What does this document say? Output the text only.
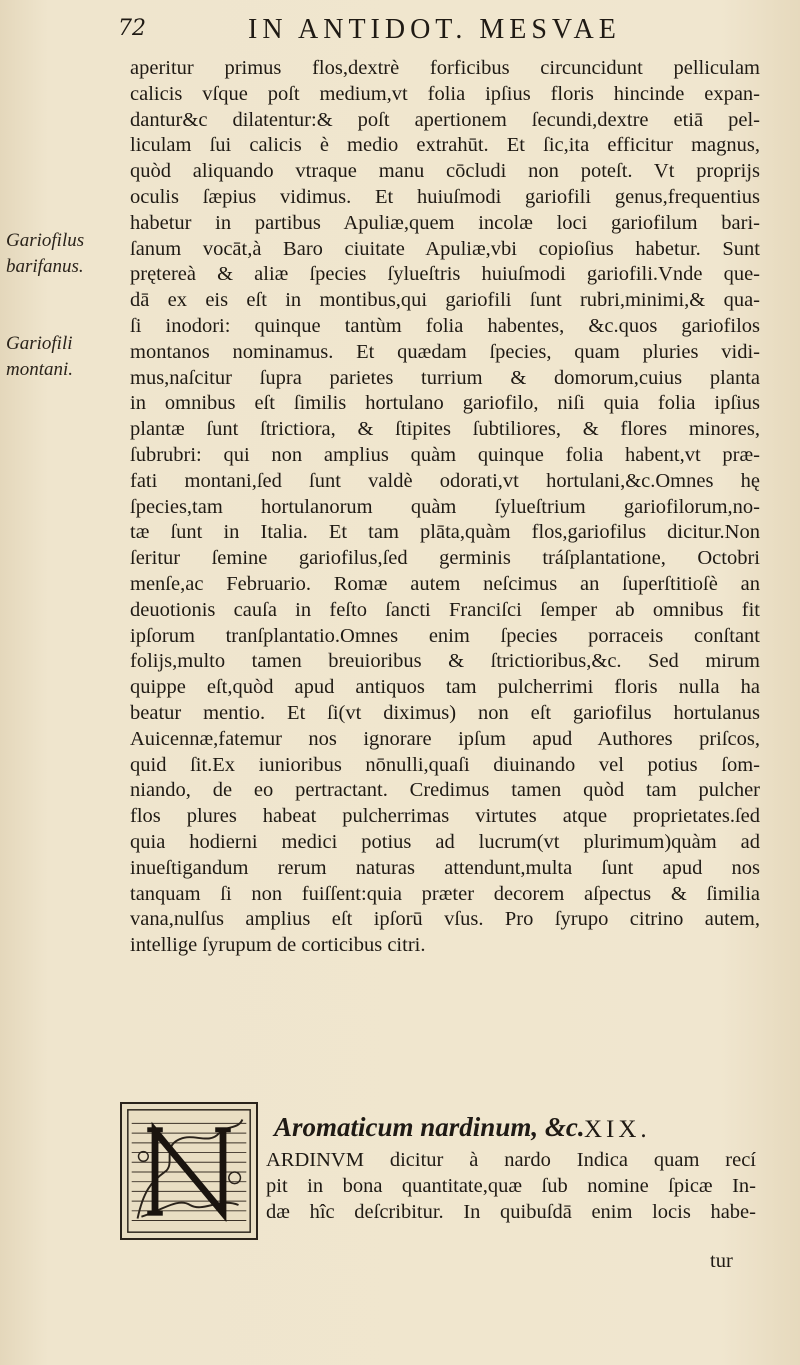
72	IN ANTIDOT. MESVAE
Gariofilus barifanus.
Gariofili montani.
aperitur primus flos,dextrè forficibus circuncidunt pelliculam
calicis vſque poſt medium,vt folia ipſius floris hincinde expan-
dantur&c dilatentur:& poſt apertionem ſecundi,dextre etiā pel-
liculam ſui calicis è medio extrahūt. Et ſic,ita efficitur magnus,
quòd aliquando vtraque manu cōcludi non poteſt. Vt proprijs
oculis ſæpius vidimus. Et huiuſmodi gariofili genus,frequentius
habetur in partibus Apuliæ,quem incolæ loci gariofilum bari-
ſanum vocāt,à Baro ciuitate Apuliæ,vbi copioſius habetur. Sunt
prętereà & aliæ ſpecies ſylueſtris huiuſmodi gariofili.Vnde que-
dā ex eis eſt in montibus,qui gariofili ſunt rubri,minimi,& qua-
ſi inodori: quinque tantùm folia habentes, &c.quos gariofilos
montanos nominamus. Et quædam ſpecies, quam pluries vidi-
mus,naſcitur ſupra parietes turrium & domorum,cuius planta
in omnibus eſt ſimilis hortulano gariofilo, niſi quia folia ipſius
plantæ ſunt ſtrictiora, & ſtipites ſubtiliores, & flores minores,
ſubrubri: qui non amplius quàm quinque folia habent,vt præ-
fati montani,ſed ſunt valdè odorati,vt hortulani,&c.Omnes hę
ſpecies,tam hortulanorum quàm ſylueſtrium gariofilorum,no-
tæ ſunt in Italia. Et tam plāta,quàm flos,gariofilus dicitur.Non
ſeritur ſemine gariofilus,ſed germinis tráſplantatione, Octobri
menſe,ac Februario. Romæ autem neſcimus an ſuperſtitioſè an
deuotionis cauſa in feſto ſancti Franciſci ſemper ab omnibus fit
ipſorum tranſplantatio.Omnes enim ſpecies porraceis conſtant
folijs,multo tamen breuioribus & ſtrictioribus,&c. Sed mirum
quippe eſt,quòd apud antiquos tam pulcherrimi floris nulla ha
beatur mentio. Et ſi(vt diximus) non eſt gariofilus hortulanus
Auicennæ,fatemur nos ignorare ipſum apud Authores priſcos,
quid ſit.Ex iunioribus nōnulli,quaſi diuinando vel potius ſom-
niando, de eo pertractant. Credimus tamen quòd tam pulcher
flos plures habeat pulcherrimas virtutes atque proprietates.ſed
quia hodierni medici potius ad lucrum(vt plurimum)quàm ad
inueſtigandum rerum naturas attendunt,multa ſunt apud nos
tanquam ſi non fuiſſent:quia præter decorem aſpectus & ſimilia
vana,nulſus amplius eſt ipſorū vſus. Pro ſyrupo citrino autem,
intellige ſyrupum de corticibus citri.
Aromaticum nardinum, &c. XIX.
ARDINVM dicitur à nardo Indica quam recí
pit in bona quantitate,quæ ſub nomine ſpicæ In-
dæ hîc deſcribitur. In quibuſdā enim locis habe-
tur
